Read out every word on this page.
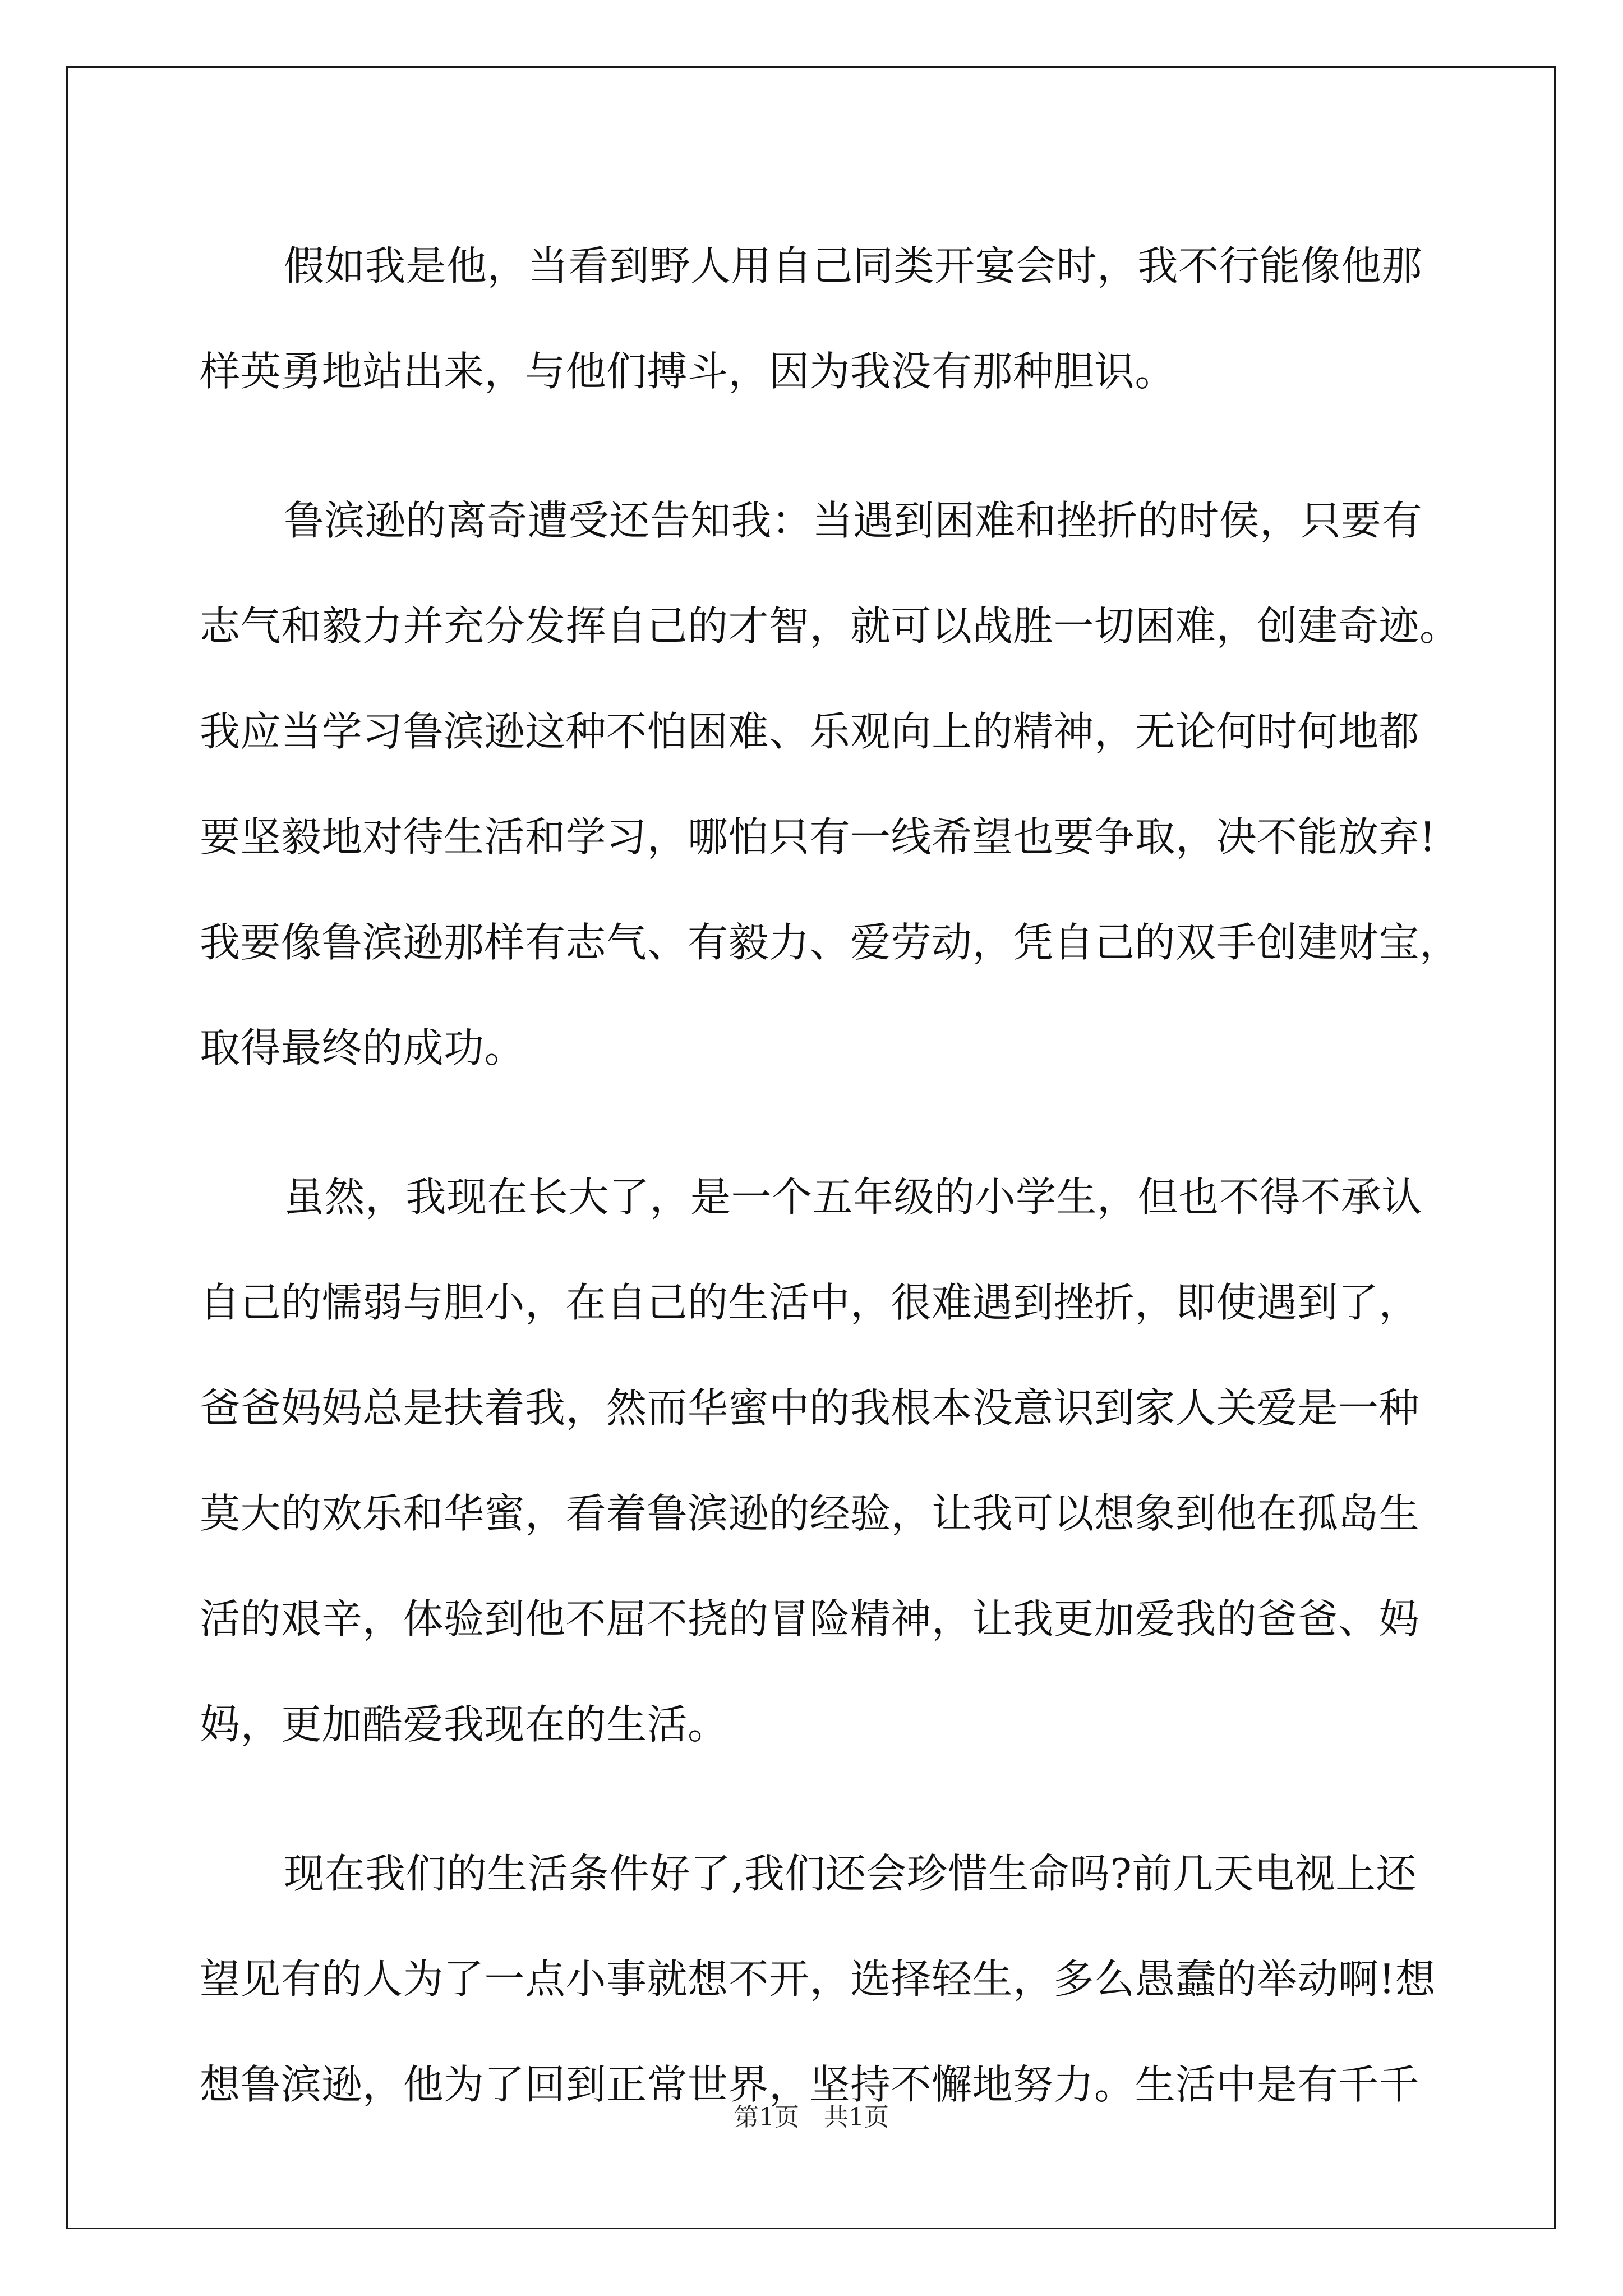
假如我是他，当看到野人用自己同类开宴会时，我不行能像他那
样英勇地站出来，与他们搏斗，因为我没有那种胆识。
鲁滨逊的离奇遭受还告知我：当遇到困难和挫折的时侯，只要有
志气和毅力并充分发挥自己的才智，就可以战胜一切困难，创建奇迹。
我应当学习鲁滨逊这种不怕困难、乐观向上的精神，无论何时何地都
要坚毅地对待生活和学习，哪怕只有一线希望也要争取，决不能放弃!
我要像鲁滨逊那样有志气、有毅力、爱劳动，凭自己的双手创建财宝，
取得最终的成功。
虽然，我现在长大了，是一个五年级的小学生，但也不得不承认
自己的懦弱与胆小，在自己的生活中，很难遇到挫折，即使遇到了，
爸爸妈妈总是扶着我，然而华蜜中的我根本没意识到家人关爱是一种
莫大的欢乐和华蜜，看着鲁滨逊的经验，让我可以想象到他在孤岛生
活的艰辛，体验到他不屈不挠的冒险精神，让我更加爱我的爸爸、妈
妈，更加酷爱我现在的生活。
现在我们的生活条件好了,我们还会珍惜生命吗?前几天电视上还
望见有的人为了一点小事就想不开，选择轻生，多么愚蠢的举动啊!想
想鲁滨逊，他为了回到正常世界，坚持不懈地努力。生活中是有千千
第1页 共1页
